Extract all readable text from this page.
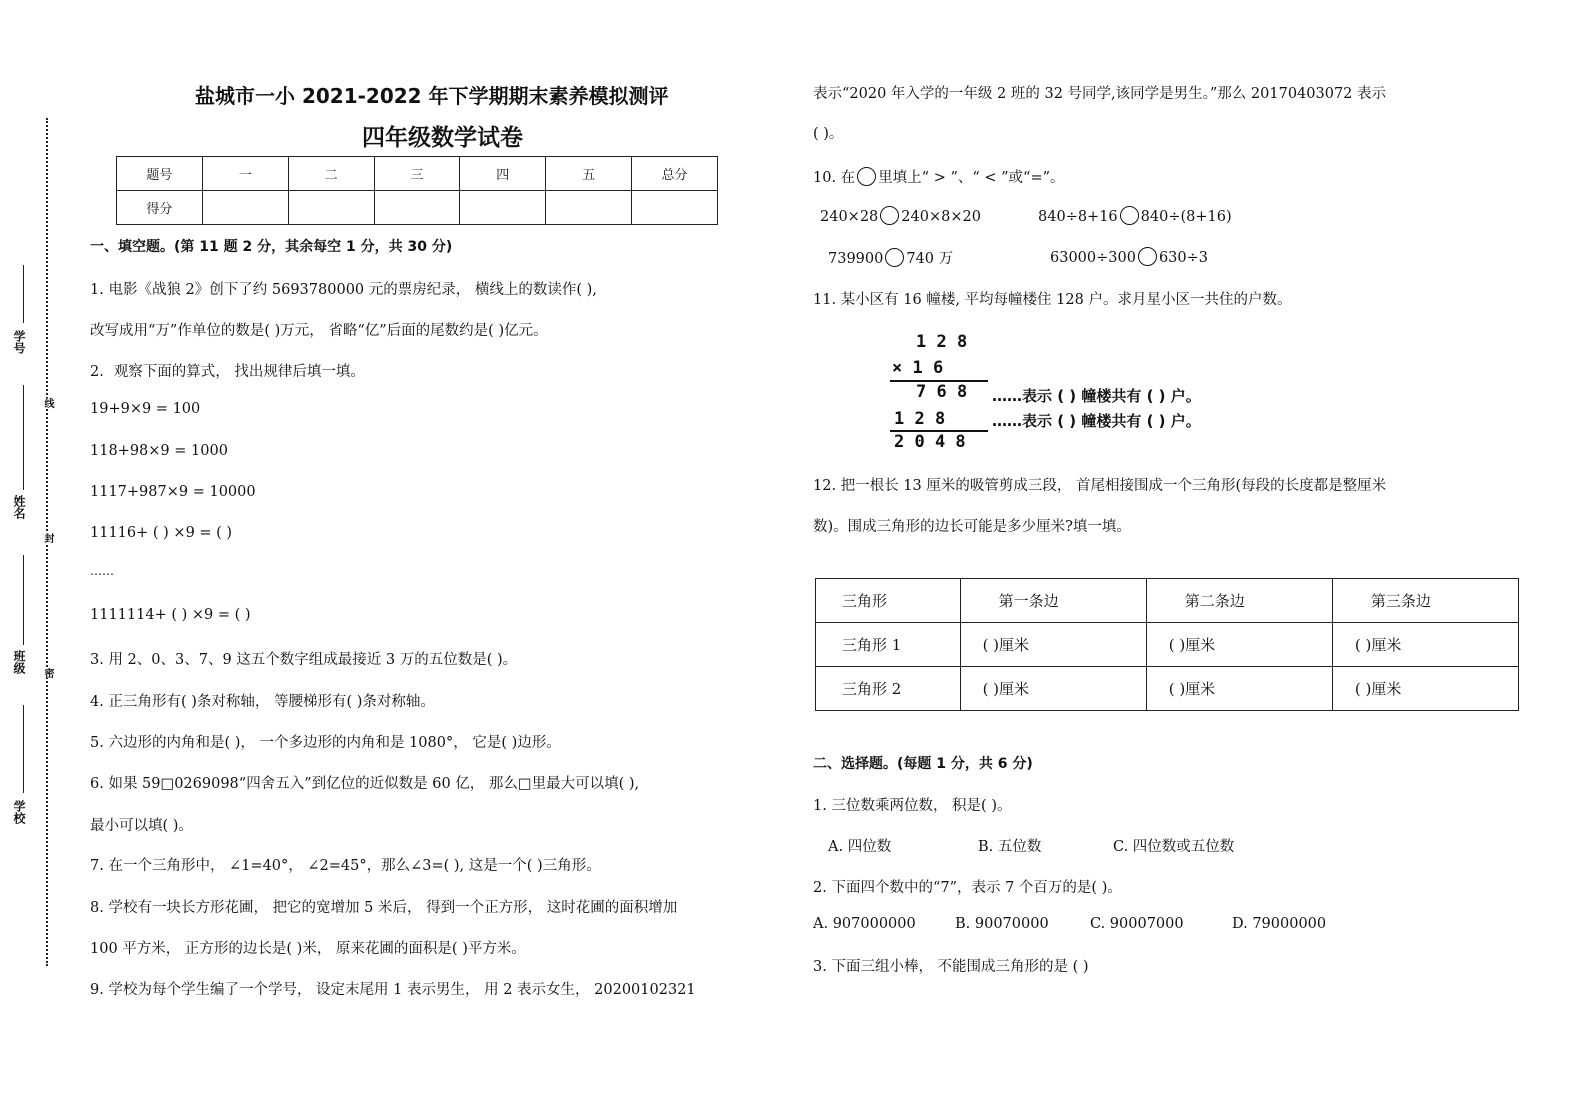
学号
姓名
班级
学校
线
封
密
盐城市一小 2021-2022 年下学期期末素养模拟测评
四年级数学试卷
题号	一	二	三	四	五	总分
得分						
一、填空题。(第 11 题 2 分，其余每空 1 分，共 30 分)
1. 电影《战狼 2》创下了约 5693780000 元的票房纪录， 横线上的数读作( ),
改写成用“万”作单位的数是( )万元， 省略“亿”后面的尾数约是( )亿元。
2．观察下面的算式， 找出规律后填一填。
19+9×9 = 100
118+98×9 = 1000
1117+987×9 = 10000
11116+ ( ) ×9 = ( )
……
1111114+ ( ) ×9 = ( )
3. 用 2、0、3、7、9 这五个数字组成最接近 3 万的五位数是( )。
4. 正三角形有( )条对称轴， 等腰梯形有( )条对称轴。
5. 六边形的内角和是( )， 一个多边形的内角和是 1080°， 它是( )边形。
6. 如果 59□0269098“四舍五入”到亿位的近似数是 60 亿， 那么□里最大可以填( ),
最小可以填( )。
7. 在一个三角形中， ∠1=40°， ∠2=45°，那么∠3=( ), 这是一个( )三角形。
8. 学校有一块长方形花圃， 把它的宽增加 5 米后， 得到一个正方形， 这时花圃的面积增加
100 平方米， 正方形的边长是( )米， 原来花圃的面积是( )平方米。
9. 学校为每个学生编了一个学号， 设定末尾用 1 表示男生， 用 2 表示女生， 20200102321
表示“2020 年入学的一年级 2 班的 32 号同学,该同学是男生。”那么 20170403072 表示
( )。
10. 在 里填上“ > ”、“ < ”或“=”。
240×28 240×8×20	840÷8+16 840÷(8+16)
739900 740 万	63000÷300 630÷3
11. 某小区有 16 幢楼, 平均每幢楼住 128 户。求月星小区一共住的户数。
1 2 8
× 1 6
7 6 8 ……表示 ( ) 幢楼共有 ( ) 户。
1 2 8	……表示 ( ) 幢楼共有 ( ) 户。
2 0 4 8
12. 把一根长 13 厘米的吸管剪成三段， 首尾相接围成一个三角形(每段的长度都是整厘米
数)。围成三角形的边长可能是多少厘米?填一填。
三角形	第一条边	第二条边	第三条边
三角形 1	( )厘米	( )厘米	( )厘米
三角形 2	( )厘米	( )厘米	( )厘米
二、选择题。(每题 1 分，共 6 分)
1. 三位数乘两位数， 积是( )。
A. 四位数	B. 五位数	C. 四位数或五位数
2. 下面四个数中的“7”，表示 7 个百万的是( )。
A. 907000000	B. 90070000	C. 90007000	D. 79000000
3. 下面三组小棒， 不能围成三角形的是 ( )
